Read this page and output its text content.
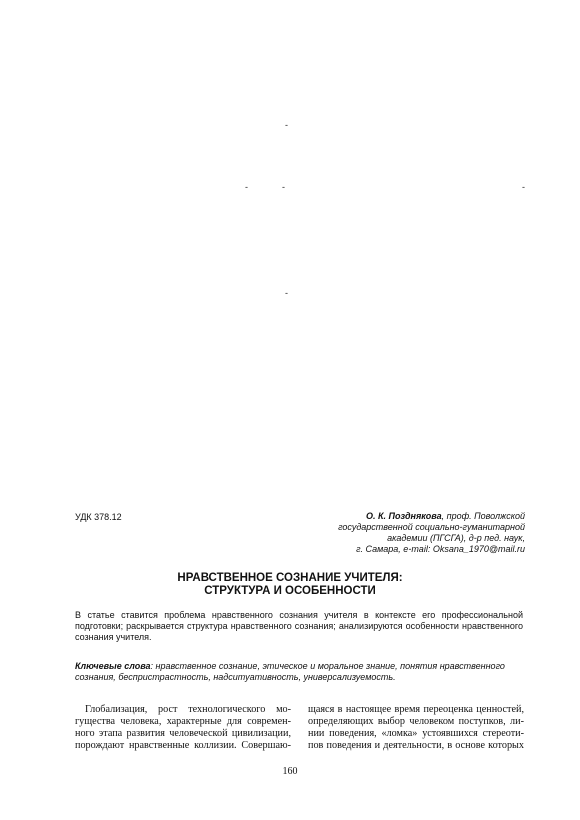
-
-	-	-
-
УДК 378.12	О. К. Позднякова, проф. Поволжской
государственной социально-гуманитарной
академии (ПГСГА), д-р пед. наук,
г. Самара, e-mail: Oksana_1970@mail.ru
НРАВСТВЕННОЕ СОЗНАНИЕ УЧИТЕЛЯ:
СТРУКТУРА И ОСОБЕННОСТИ
В статье ставится проблема нравственного сознания учителя в контексте его профессиональной подготовки; раскрывается структура нравственного сознания; анализируются особенности нравственного сознания учителя.
Ключевые слова: нравственное сознание, этическое и моральное знание, понятия нравственного сознания, беспристрастность, надситуативность, универсализуемость.
Глобализация, рост технологического мо-
гущества человека, характерные для современ-
ного этапа развития человеческой цивилизации,
порождают нравственные коллизии. Совершаю-
щаяся в настоящее время переоценка ценностей,
определяющих выбор человеком поступков, ли-
нии поведения, «ломка» устоявшихся стереоти-
пов поведения и деятельности, в основе которых
160
